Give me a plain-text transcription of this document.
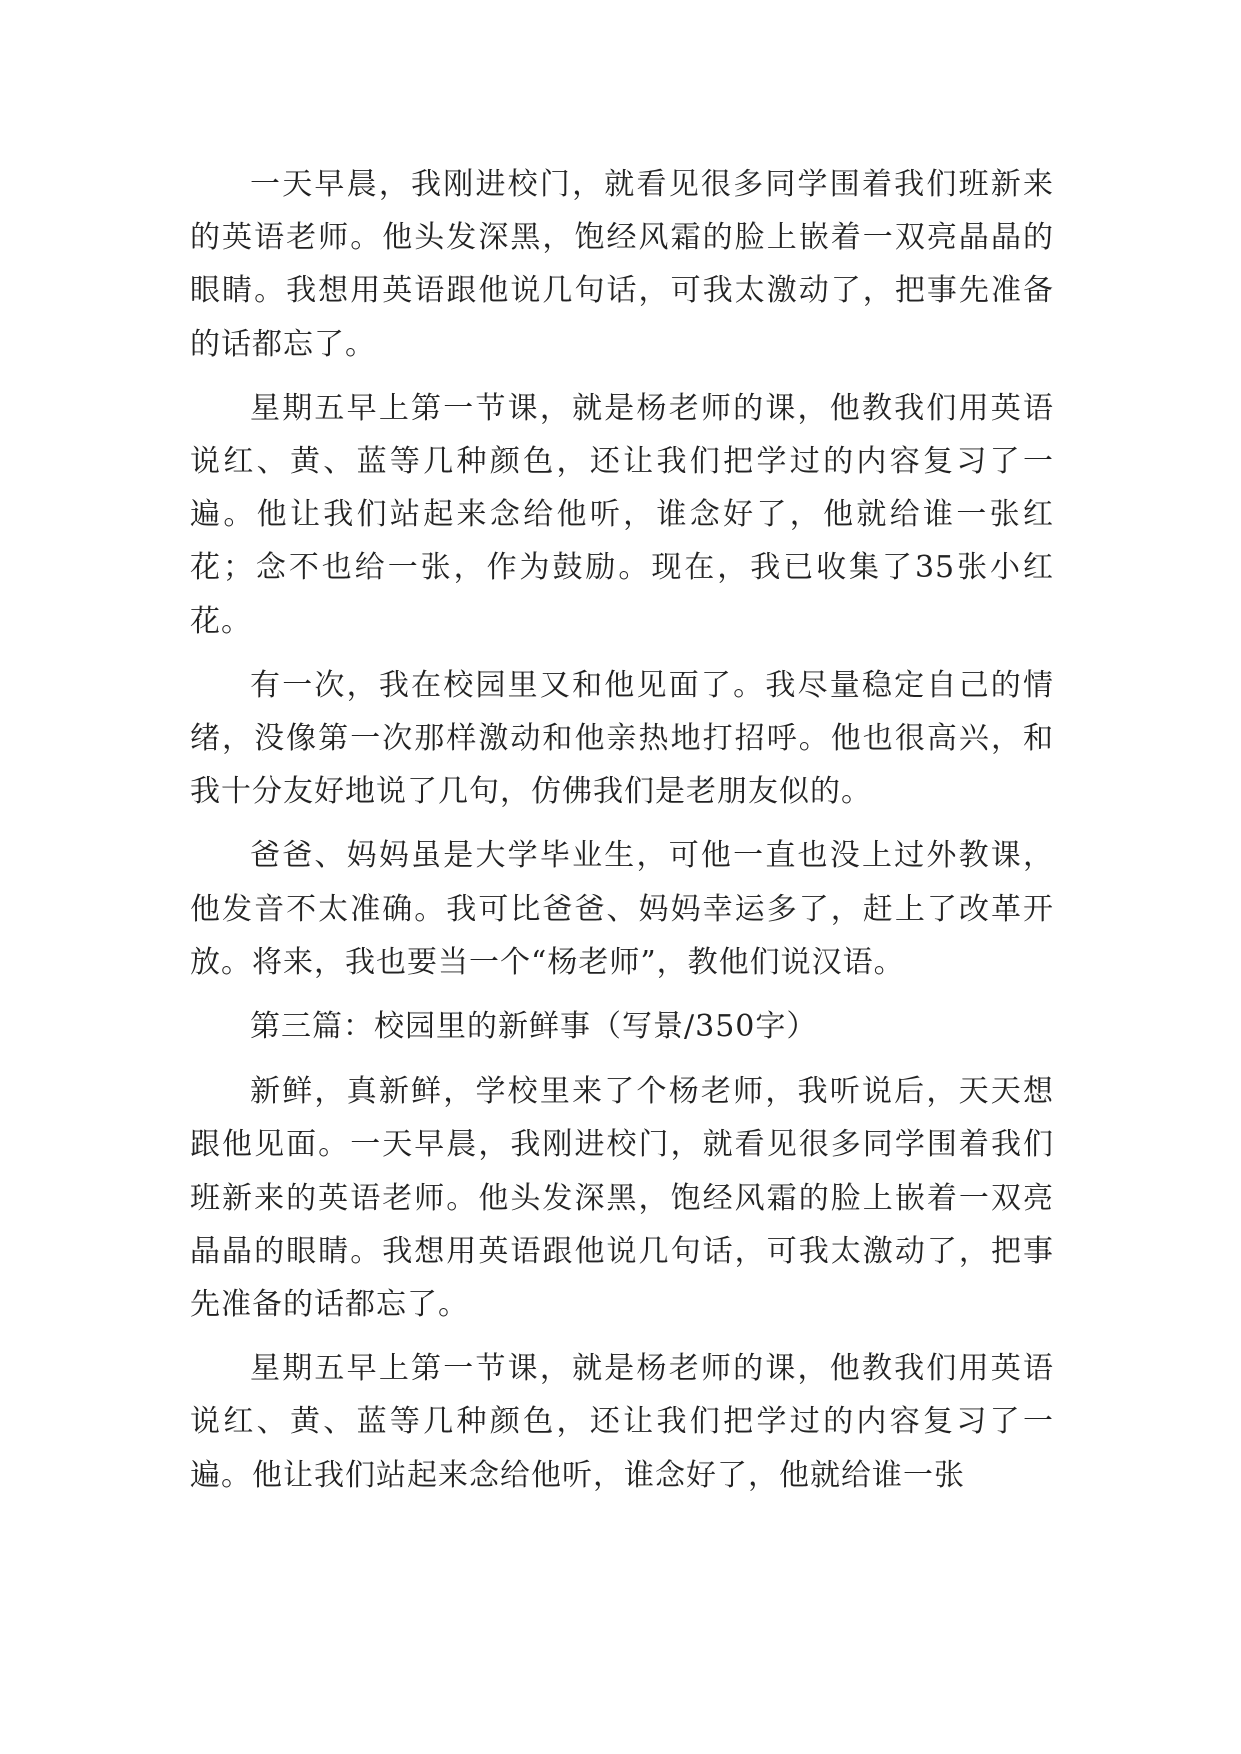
一天早晨，我刚进校门，就看见很多同学围着我们班新来的英语老师。他头发深黑，饱经风霜的脸上嵌着一双亮晶晶的眼睛。我想用英语跟他说几句话，可我太激动了，把事先准备的话都忘了。

星期五早上第一节课，就是杨老师的课，他教我们用英语说红、黄、蓝等几种颜色，还让我们把学过的内容复习了一遍。他让我们站起来念给他听，谁念好了，他就给谁一张红花；念不也给一张，作为鼓励。现在，我已收集了35张小红花。

有一次，我在校园里又和他见面了。我尽量稳定自己的情绪，没像第一次那样激动和他亲热地打招呼。他也很高兴，和我十分友好地说了几句，仿佛我们是老朋友似的。

爸爸、妈妈虽是大学毕业生，可他一直也没上过外教课，他发音不太准确。我可比爸爸、妈妈幸运多了，赶上了改革开放。将来，我也要当一个“杨老师”，教他们说汉语。

第三篇：校园里的新鲜事（写景/350字）

新鲜，真新鲜，学校里来了个杨老师，我听说后，天天想跟他见面。一天早晨，我刚进校门，就看见很多同学围着我们班新来的英语老师。他头发深黑，饱经风霜的脸上嵌着一双亮晶晶的眼睛。我想用英语跟他说几句话，可我太激动了，把事先准备的话都忘了。

星期五早上第一节课，就是杨老师的课，他教我们用英语说红、黄、蓝等几种颜色，还让我们把学过的内容复习了一遍。他让我们站起来念给他听，谁念好了，他就给谁一张
